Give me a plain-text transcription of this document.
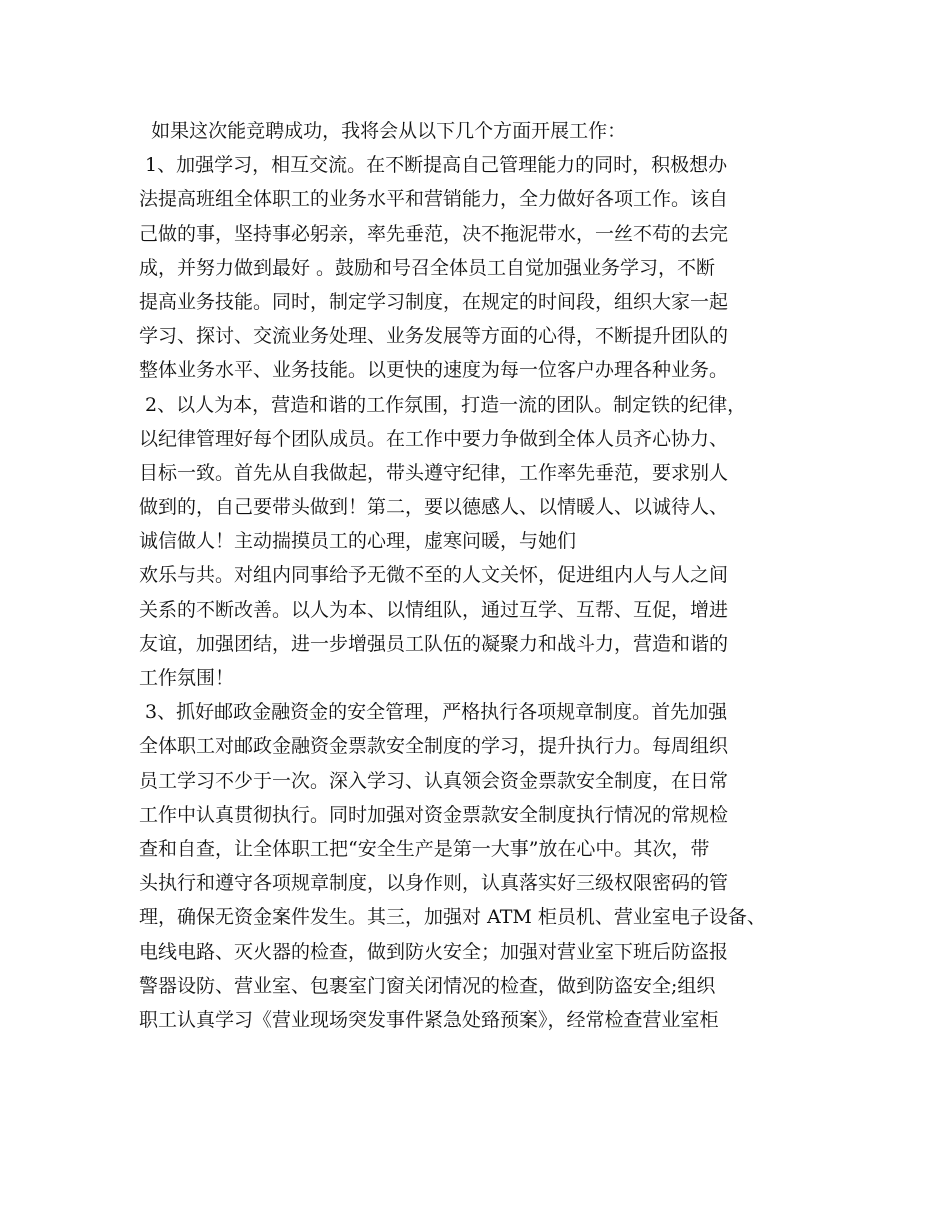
如果这次能竞聘成功，我将会从以下几个方面开展工作：
1、加强学习，相互交流。在不断提高自己管理能力的同时，积极想办
法提高班组全体职工的业务水平和营销能力，全力做好各项工作。该自
己做的事，坚持事必躬亲，率先垂范，决不拖泥带水，一丝不苟的去完
成，并努力做到最好 。鼓励和号召全体员工自觉加强业务学习，不断
提高业务技能。同时，制定学习制度，在规定的时间段，组织大家一起
学习、探讨、交流业务处理、业务发展等方面的心得，不断提升团队的
整体业务水平、业务技能。以更快的速度为每一位客户办理各种业务。
2、以人为本，营造和谐的工作氛围，打造一流的团队。制定铁的纪律，
以纪律管理好每个团队成员。在工作中要力争做到全体人员齐心协力、
目标一致。首先从自我做起，带头遵守纪律，工作率先垂范，要求别人
做到的，自己要带头做到！第二，要以德感人、以情暖人、以诚待人、
诚信做人！主动揣摸员工的心理，虚寒问暖，与她们
欢乐与共。对组内同事给予无微不至的人文关怀，促进组内人与人之间
关系的不断改善。以人为本、以情组队，通过互学、互帮、互促，增进
友谊，加强团结，进一步增强员工队伍的凝聚力和战斗力，营造和谐的
工作氛围！
3、抓好邮政金融资金的安全管理，严格执行各项规章制度。首先加强
全体职工对邮政金融资金票款安全制度的学习，提升执行力。每周组织
员工学习不少于一次。深入学习、认真领会资金票款安全制度，在日常
工作中认真贯彻执行。同时加强对资金票款安全制度执行情况的常规检
查和自查，让全体职工把“安全生产是第一大事”放在心中。其次，带
头执行和遵守各项规章制度，以身作则，认真落实好三级权限密码的管
理，确保无资金案件发生。其三，加强对 ATM 柜员机、营业室电子设备、
电线电路、灭火器的检查，做到防火安全；加强对营业室下班后防盗报
警器设防、营业室、包裹室门窗关闭情况的检查，做到防盗安全;组织
职工认真学习《营业现场突发事件紧急处臵预案》，经常检查营业室柜
